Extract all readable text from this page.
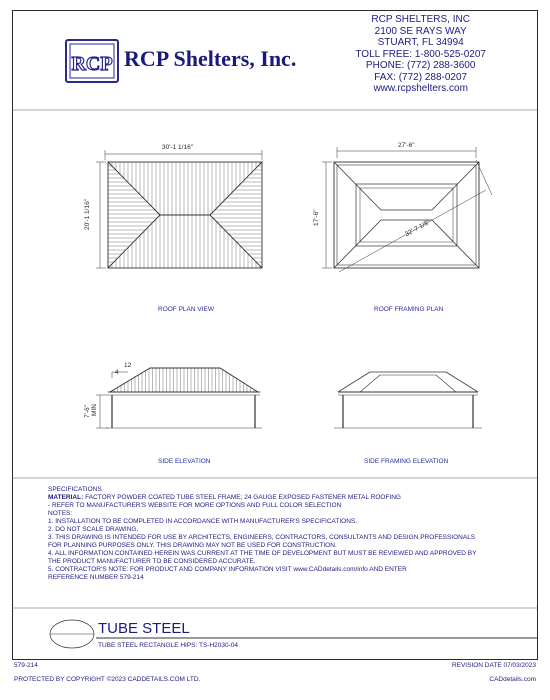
RCP RCP Shelters, Inc.
RCP SHELTERS, INC
2100 SE RAYS WAY
STUART, FL 34994
TOLL FREE: 1-800-525-0207
PHONE: (772) 288-3600
FAX: (772) 288-0207
www.rcpshelters.com
30'-1 1/16"
20'-1 1/16"
ROOF PLAN VIEW
27'-6"
17'-6"
32'-7 1/8"
ROOF FRAMING PLAN
12
4
7'-6" MIN
SIDE ELEVATION	SIDE FRAMING ELEVATION
SPECIFICATIONS
MATERIAL: FACTORY POWDER COATED TUBE STEEL FRAME; 24 GAUGE EXPOSED FASTENER METAL ROOFING
- REFER TO MANUFACTURER'S WEBSITE FOR MORE OPTIONS AND FULL COLOR SELECTION
NOTES:
1. INSTALLATION TO BE COMPLETED IN ACCORDANCE WITH MANUFACTURER'S SPECIFICATIONS.
2. DO NOT SCALE DRAWING.
3. THIS DRAWING IS INTENDED FOR USE BY ARCHITECTS, ENGINEERS, CONTRACTORS, CONSULTANTS AND DESIGN PROFESSIONALS
FOR PLANNING PURPOSES ONLY. THIS DRAWING MAY NOT BE USED FOR CONSTRUCTION.
4. ALL INFORMATION CONTAINED HEREIN WAS CURRENT AT THE TIME OF DEVELOPMENT BUT MUST BE REVIEWED AND APPROVED BY
THE PRODUCT MANUFACTURER TO BE CONSIDERED ACCURATE.
5. CONTRACTOR'S NOTE: FOR PRODUCT AND COMPANY INFORMATION VISIT www.CADdetails.com/info AND ENTER
REFERENCE NUMBER 579-214
TUBE STEEL
TUBE STEEL RECTANGLE HIPS: TS-H2030-04
579-214	REVISION DATE 07/03/2023
PROTECTED BY COPYRIGHT ©2023 CADDETAILS.COM LTD.	CADdetails.com
